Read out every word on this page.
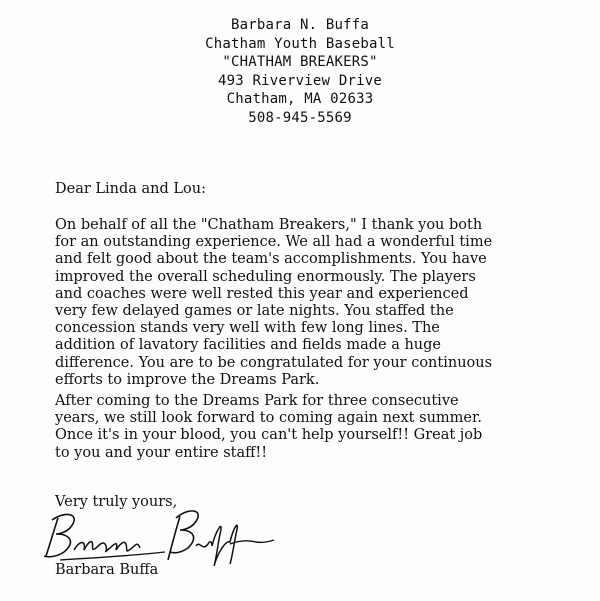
Barbara N. Buffa
Chatham Youth Baseball
"CHATHAM BREAKERS"
493 Riverview Drive
Chatham, MA 02633
508-945-5569
Dear Linda and Lou:
On behalf of all the "Chatham Breakers," I thank you both
for an outstanding experience. We all had a wonderful time
and felt good about the team's accomplishments. You have
improved the overall scheduling enormously. The players
and coaches were well rested this year and experienced
very few delayed games or late nights. You staffed the
concession stands very well with few long lines. The
addition of lavatory facilities and fields made a huge
difference. You are to be congratulated for your continuous
efforts to improve the Dreams Park.
After coming to the Dreams Park for three consecutive
years, we still look forward to coming again next summer.
Once it's in your blood, you can't help yourself!! Great job
to you and your entire staff!!
Very truly yours,
Barbara Buffa
